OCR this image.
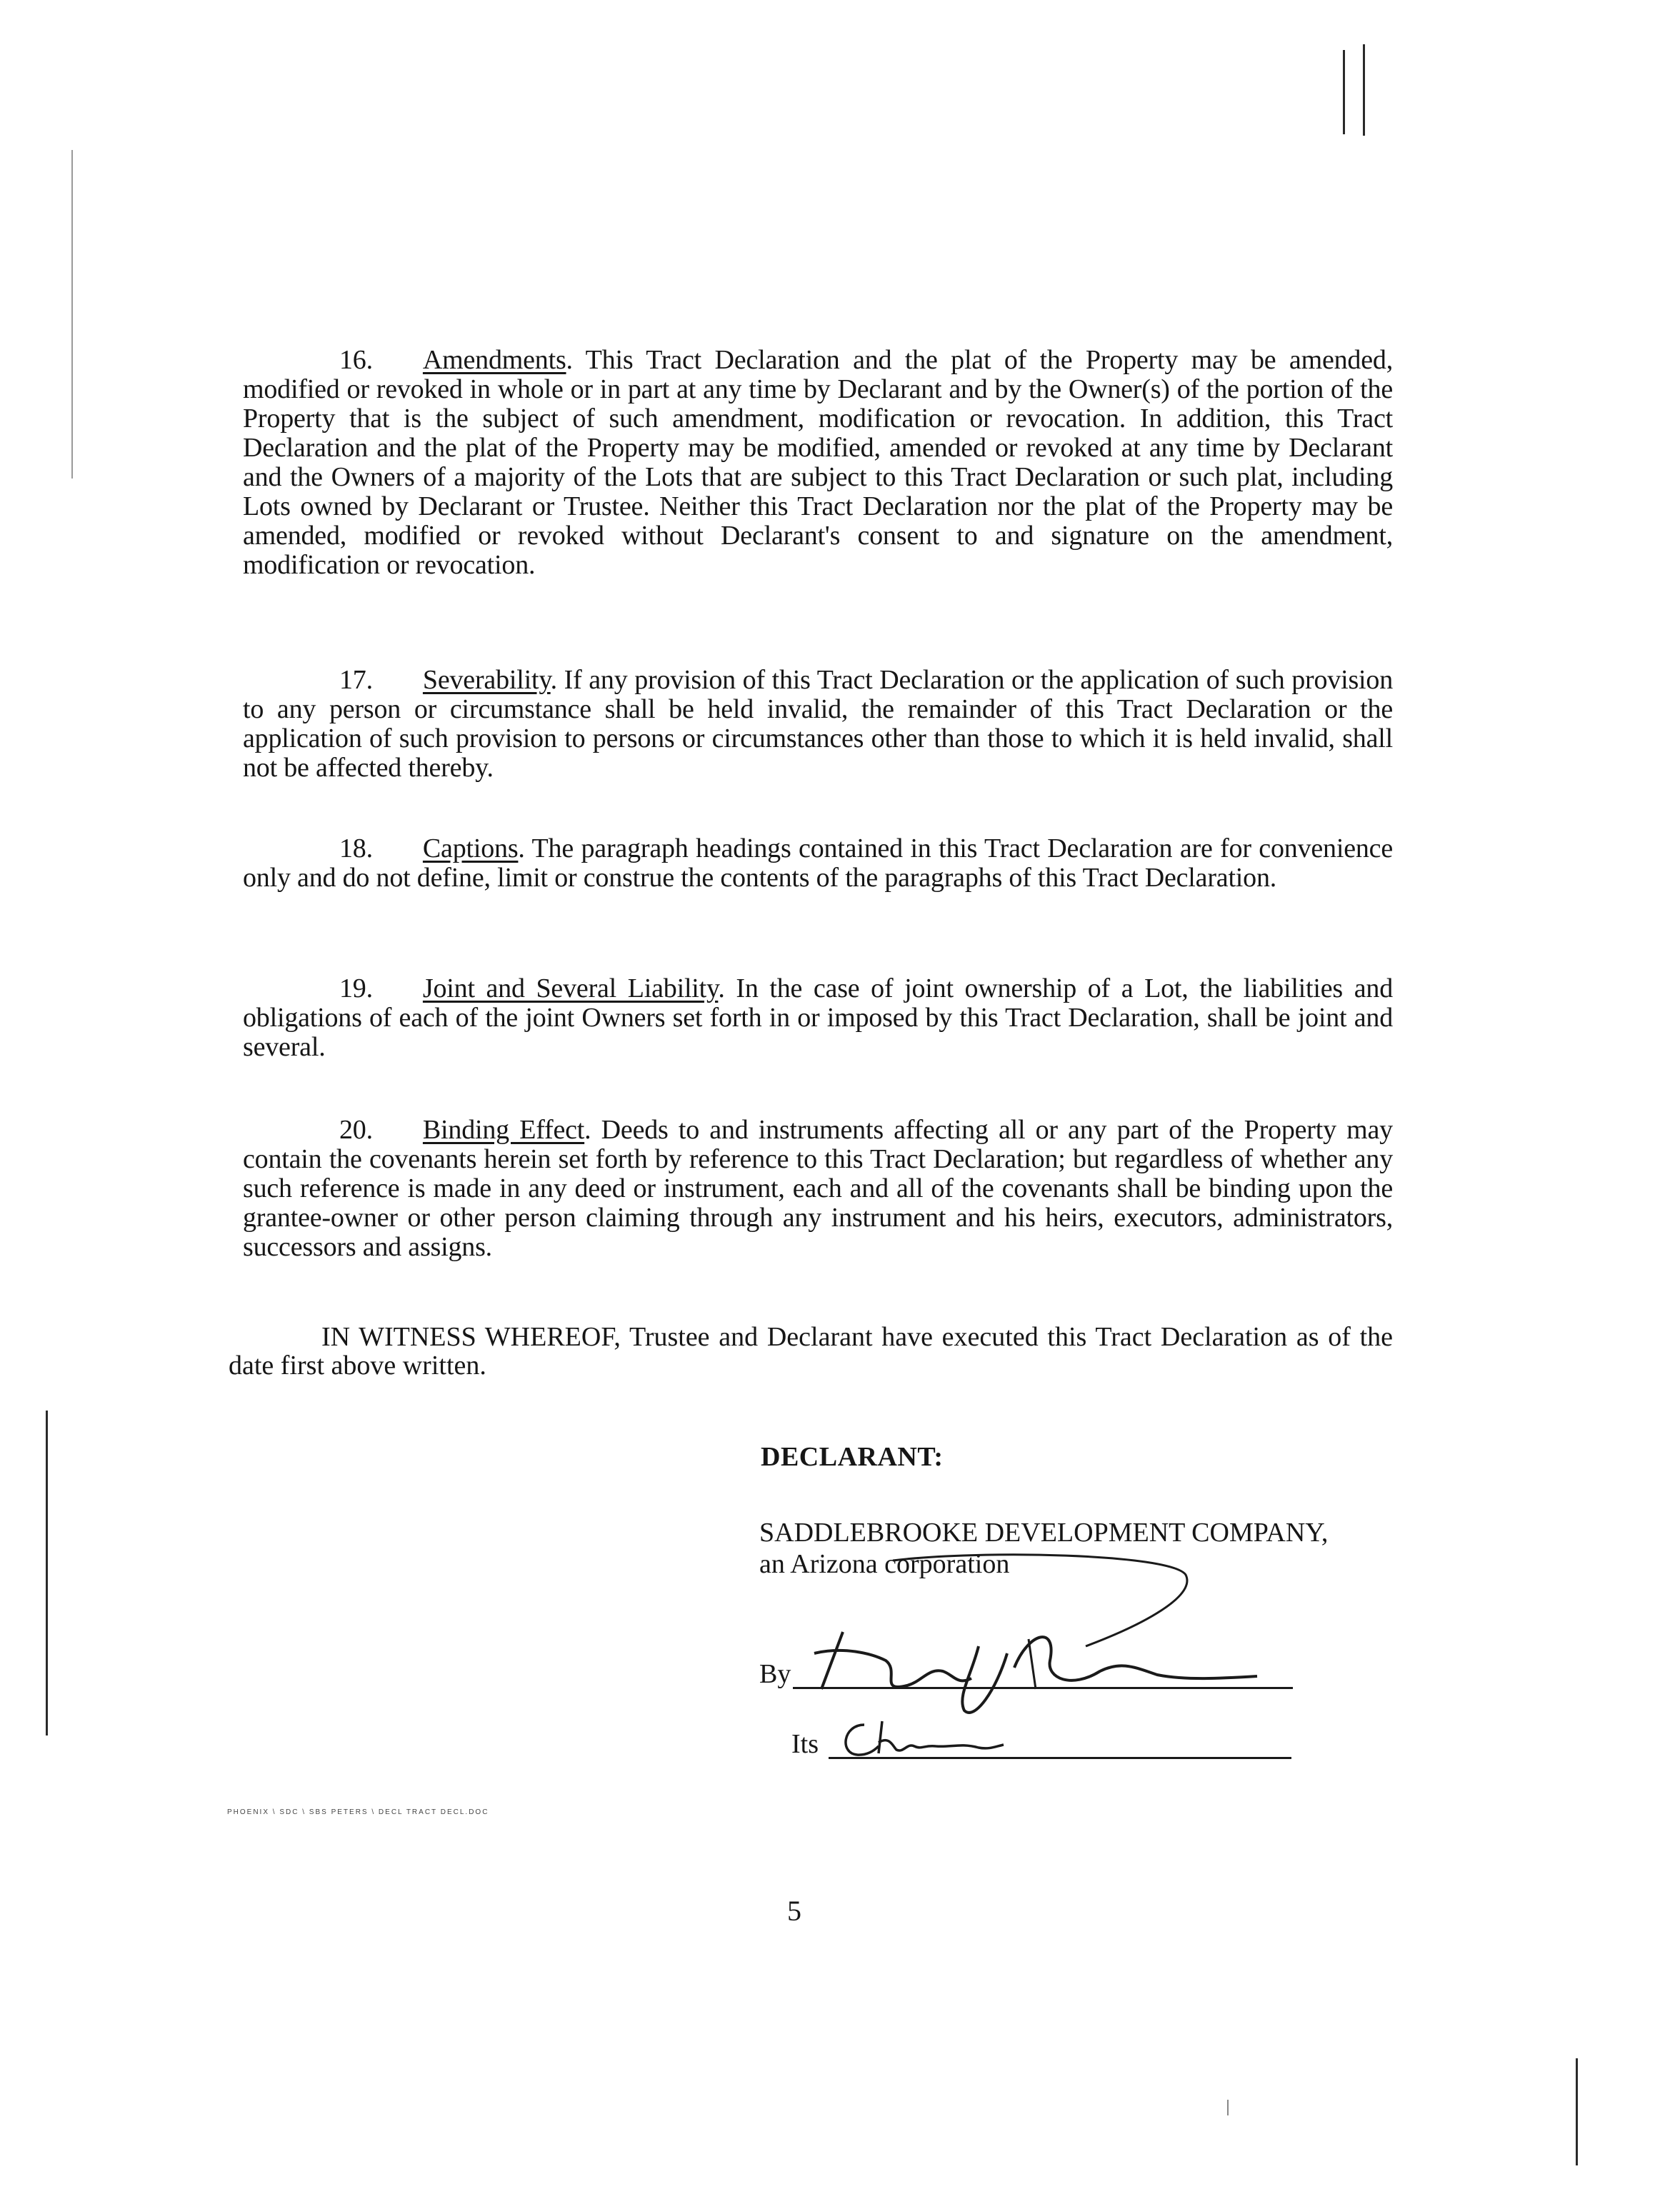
16. Amendments. This Tract Declaration and the plat of the Property may be amended, modified or revoked in whole or in part at any time by Declarant and by the Owner(s) of the portion of the Property that is the subject of such amendment, modification or revocation. In addition, this Tract Declaration and the plat of the Property may be modified, amended or revoked at any time by Declarant and the Owners of a majority of the Lots that are subject to this Tract Declaration or such plat, including Lots owned by Declarant or Trustee. Neither this Tract Declaration nor the plat of the Property may be amended, modified or revoked without Declarant's consent to and signature on the amendment, modification or revocation.
17. Severability. If any provision of this Tract Declaration or the application of such provision to any person or circumstance shall be held invalid, the remainder of this Tract Declaration or the application of such provision to persons or circumstances other than those to which it is held invalid, shall not be affected thereby.
18. Captions. The paragraph headings contained in this Tract Declaration are for convenience only and do not define, limit or construe the contents of the paragraphs of this Tract Declaration.
19. Joint and Several Liability. In the case of joint ownership of a Lot, the liabilities and obligations of each of the joint Owners set forth in or imposed by this Tract Declaration, shall be joint and several.
20. Binding Effect. Deeds to and instruments affecting all or any part of the Property may contain the covenants herein set forth by reference to this Tract Declaration; but regardless of whether any such reference is made in any deed or instrument, each and all of the covenants shall be binding upon the grantee-owner or other person claiming through any instrument and his heirs, executors, administrators, successors and assigns.
IN WITNESS WHEREOF, Trustee and Declarant have executed this Tract Declaration as of the date first above written.
DECLARANT:
SADDLEBROOKE DEVELOPMENT COMPANY,
an Arizona corporation
By
Its
PHOENIX \ SDC \ SBS PETERS \ DECL TRACT DECL.DOC
5
